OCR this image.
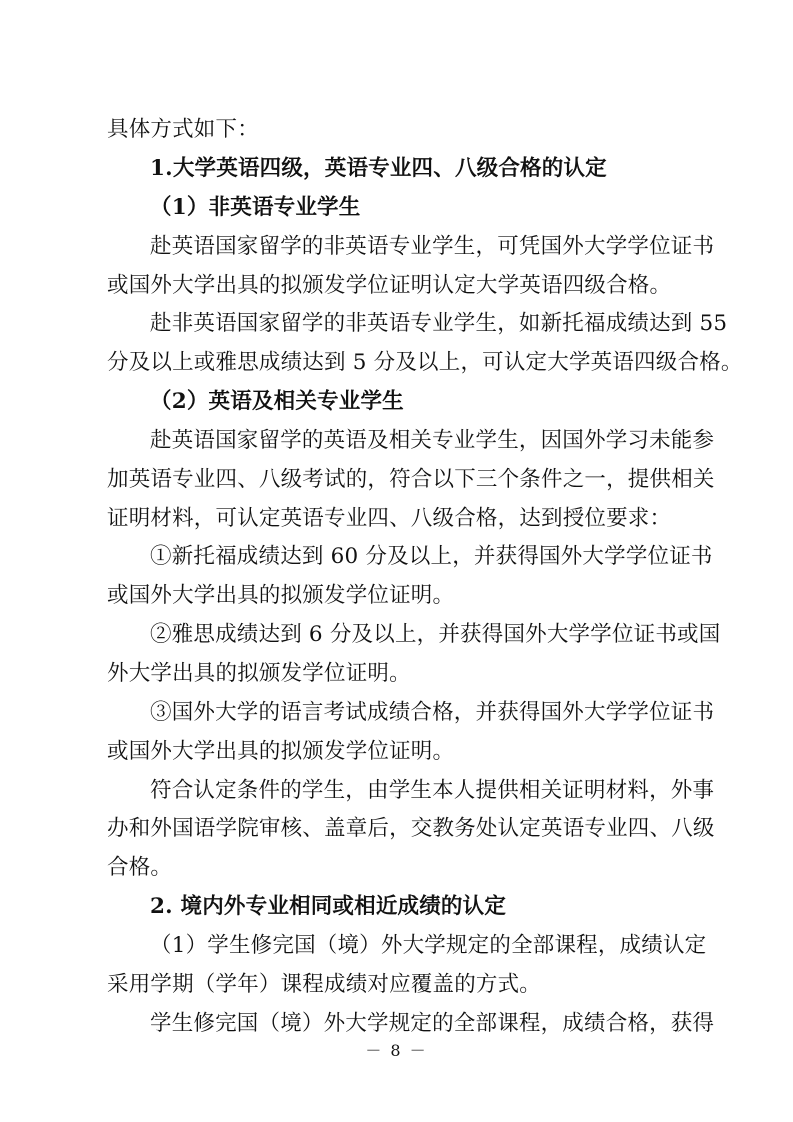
具体方式如下：
1.大学英语四级，英语专业四、八级合格的认定
（1）非英语专业学生
赴英语国家留学的非英语专业学生，可凭国外大学学位证书
或国外大学出具的拟颁发学位证明认定大学英语四级合格。
赴非英语国家留学的非英语专业学生，如新托福成绩达到 55
分及以上或雅思成绩达到 5 分及以上，可认定大学英语四级合格。
（2）英语及相关专业学生
赴英语国家留学的英语及相关专业学生，因国外学习未能参
加英语专业四、八级考试的，符合以下三个条件之一，提供相关
证明材料，可认定英语专业四、八级合格，达到授位要求：
①新托福成绩达到 60 分及以上，并获得国外大学学位证书
或国外大学出具的拟颁发学位证明。
②雅思成绩达到 6 分及以上，并获得国外大学学位证书或国
外大学出具的拟颁发学位证明。
③国外大学的语言考试成绩合格，并获得国外大学学位证书
或国外大学出具的拟颁发学位证明。
符合认定条件的学生，由学生本人提供相关证明材料，外事
办和外国语学院审核、盖章后，交教务处认定英语专业四、八级
合格。
2. 境内外专业相同或相近成绩的认定
（1）学生修完国（境）外大学规定的全部课程，成绩认定
采用学期（学年）课程成绩对应覆盖的方式。
学生修完国（境）外大学规定的全部课程，成绩合格，获得
－ 8 －
